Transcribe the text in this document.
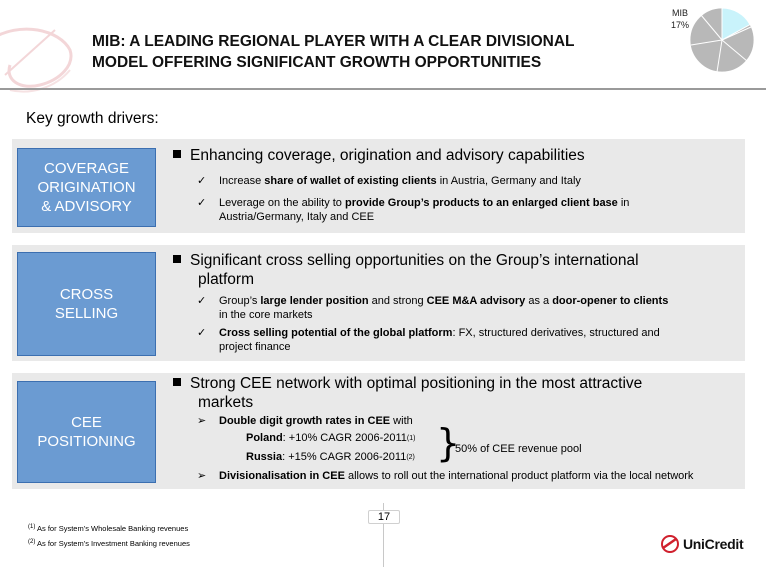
MIB: A LEADING REGIONAL PLAYER WITH A CLEAR DIVISIONAL
MODEL OFFERING SIGNIFICANT GROWTH OPPORTUNITIES
MIB
17%
Key growth drivers:
COVERAGE
ORIGINATION
& ADVISORY
Enhancing coverage, origination and advisory capabilities
✓	Increase share of wallet of existing clients in Austria, Germany and Italy
✓	Leverage on the ability to provide Group’s products to an enlarged client base in
Austria/Germany, Italy and CEE
CROSS
SELLING
Significant cross selling opportunities on the Group’s international
platform
✓	Group’s large lender position and strong CEE M&A advisory as a door-opener to clients
in the core markets
✓	Cross selling potential of the global platform: FX, structured derivatives, structured and
project finance
CEE
POSITIONING
Strong CEE network with optimal positioning in the most attractive
markets
➢	Double digit growth rates in CEE with
Poland: +10% CAGR 2006-2011$^{(1)}$
Russia: +15% CAGR 2006-2011$^{(2)}$ }
50% of CEE revenue pool
➢	Divisionalisation in CEE allows to roll out the international product platform via the local network
17
$^{(1)}$ As for System’s Wholesale Banking revenues
$^{(2)}$ As for System’s Investment Banking revenues	UniCredit
